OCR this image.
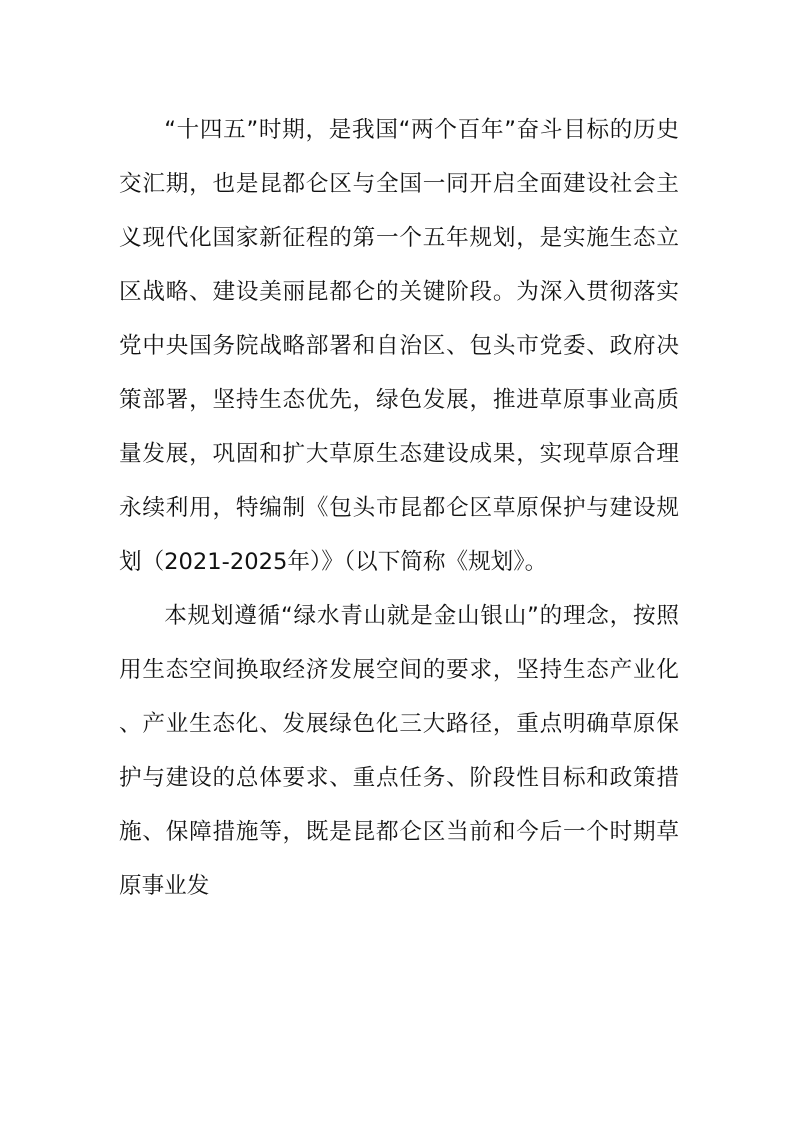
“十四五”时期，是我国“两个百年”奋斗目标的历史交汇期，也是昆都仑区与全国一同开启全面建设社会主义现代化国家新征程的第一个五年规划，是实施生态立区战略、建设美丽昆都仑的关键阶段。为深入贯彻落实党中央国务院战略部署和自治区、包头市党委、政府决策部署，坚持生态优先，绿色发展，推进草原事业高质量发展，巩固和扩大草原生态建设成果，实现草原合理永续利用，特编制《包头市昆都仑区草原保护与建设规划（2021-2025年）》（以下简称《规划》。

本规划遵循“绿水青山就是金山银山”的理念，按照用生态空间换取经济发展空间的要求，坚持生态产业化、产业生态化、发展绿色化三大路径，重点明确草原保护与建设的总体要求、重点任务、阶段性目标和政策措施、保障措施等，既是昆都仑区当前和今后一个时期草原事业发
